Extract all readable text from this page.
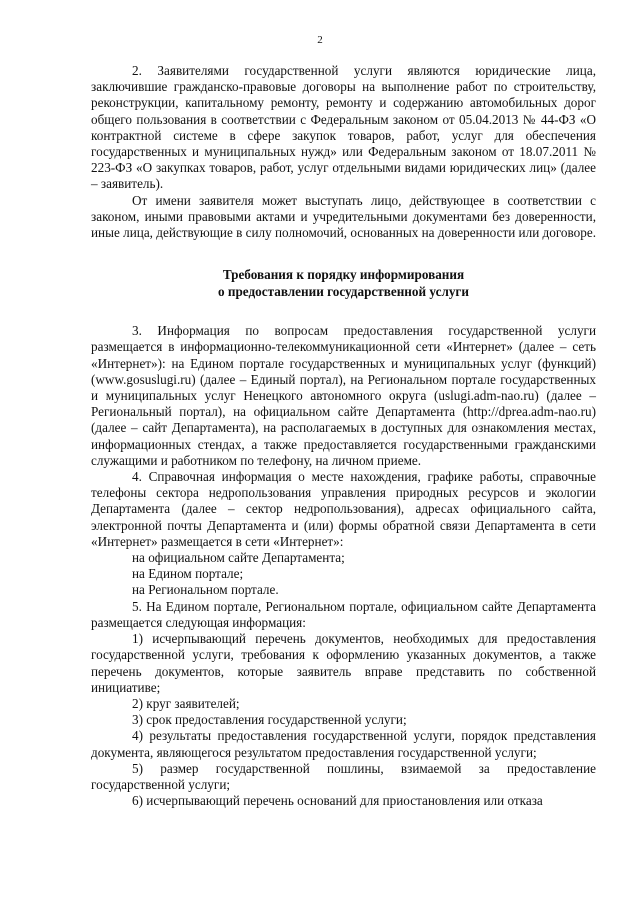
2

2. Заявителями государственной услуги являются юридические лица, заключившие гражданско-правовые договоры на выполнение работ по строительству, реконструкции, капитальному ремонту, ремонту и содержанию автомобильных дорог общего пользования в соответствии с Федеральным законом от 05.04.2013 № 44-ФЗ «О контрактной системе в сфере закупок товаров, работ, услуг для обеспечения государственных и муниципальных нужд» или Федеральным законом от 18.07.2011 № 223-ФЗ «О закупках товаров, работ, услуг отдельными видами юридических лиц» (далее – заявитель).

От имени заявителя может выступать лицо, действующее в соответствии с законом, иными правовыми актами и учредительными документами без доверенности, иные лица, действующие в силу полномочий, основанных на доверенности или договоре.

Требования к порядку информирования
о предоставлении государственной услуги

3. Информация по вопросам предоставления государственной услуги размещается в информационно-телекоммуникационной сети «Интернет» (далее – сеть «Интернет»): на Едином портале государственных и муниципальных услуг (функций) (www.gosuslugi.ru) (далее – Единый портал), на Региональном портале государственных и муниципальных услуг Ненецкого автономного округа (uslugi.adm-nao.ru) (далее – Региональный портал), на официальном сайте Департамента (http://dprea.adm-nao.ru) (далее – сайт Департамента), на располагаемых в доступных для ознакомления местах, информационных стендах, а также предоставляется государственными гражданскими служащими и работником по телефону, на личном приеме.

4. Справочная информация о месте нахождения, графике работы, справочные телефоны сектора недропользования управления природных ресурсов и экологии Департамента (далее – сектор недропользования), адресах официального сайта, электронной почты Департамента и (или) формы обратной связи Департамента в сети «Интернет» размещается в сети «Интернет»:

на официальном сайте Департамента;

на Едином портале;

на Региональном портале.

5. На Едином портале, Региональном портале, официальном сайте Департамента размещается следующая информация:

1) исчерпывающий перечень документов, необходимых для предоставления государственной услуги, требования к оформлению указанных документов, а также перечень документов, которые заявитель вправе представить по собственной инициативе;

2) круг заявителей;

3) срок предоставления государственной услуги;

4) результаты предоставления государственной услуги, порядок представления документа, являющегося результатом предоставления государственной услуги;

5) размер государственной пошлины, взимаемой за предоставление государственной услуги;

6) исчерпывающий перечень оснований для приостановления или отказа
